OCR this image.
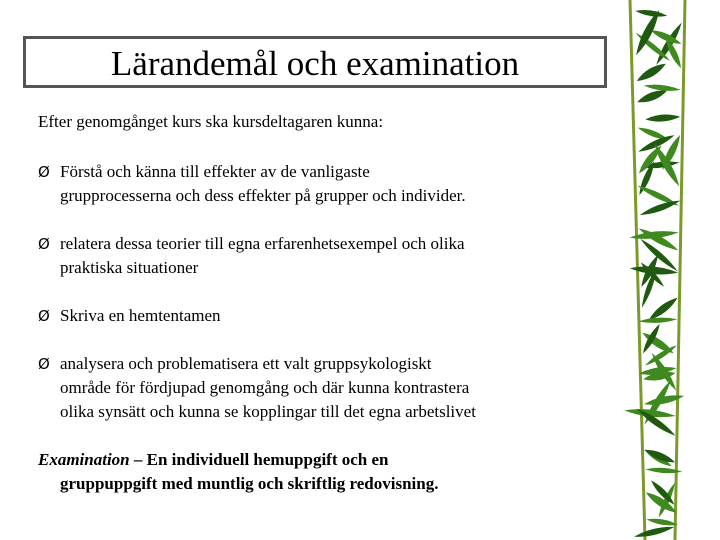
Lärandemål och examination
Efter genomgånget kurs ska kursdeltagaren kunna:
Ø Förstå och känna till effekter av de vanligaste
grupprocesserna och dess effekter på grupper och individer.
Ø relatera dessa teorier till egna erfarenhetsexempel och olika
praktiska situationer
Ø Skriva en hemtentamen
Ø analysera och problematisera ett valt gruppsykologiskt
område för fördjupad genomgång och där kunna kontrastera
olika synsätt och kunna se kopplingar till det egna arbetslivet
Examination – En individuell hemuppgift och en
gruppuppgift med muntlig och skriftlig redovisning.
